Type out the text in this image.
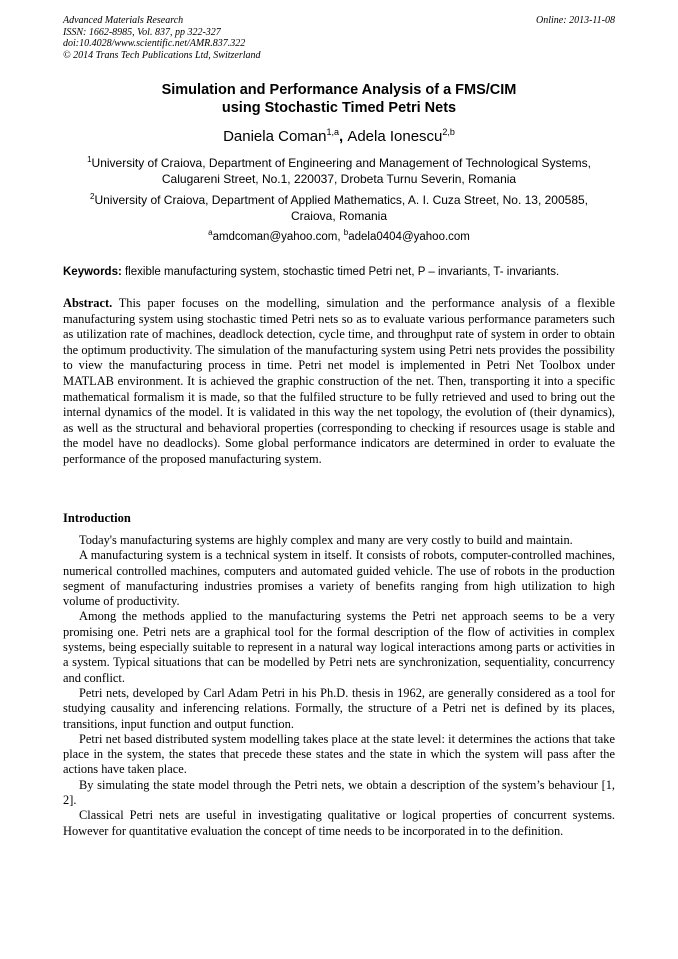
Advanced Materials Research
ISSN: 1662-8985, Vol. 837, pp 322-327
doi:10.4028/www.scientific.net/AMR.837.322
© 2014 Trans Tech Publications Ltd, Switzerland
Online: 2013-11-08
Simulation and Performance Analysis of a FMS/CIM
using Stochastic Timed Petri Nets
Daniela Coman$^{1,a}$, Adela Ionescu$^{2,b}$
$^1$University of Craiova, Department of Engineering and Management of Technological Systems,
Calugareni Street, No.1, 220037, Drobeta Turnu Severin, Romania
$^2$University of Craiova, Department of Applied Mathematics, A. I. Cuza Street, No. 13, 200585,
Craiova, Romania
$^a$amdcoman@yahoo.com, $^b$adela0404@yahoo.com
Keywords: flexible manufacturing system, stochastic timed Petri net, P – invariants, T- invariants.
Abstract. This paper focuses on the modelling, simulation and the performance analysis of a flexible manufacturing system using stochastic timed Petri nets so as to evaluate various performance parameters such as utilization rate of machines, deadlock detection, cycle time, and throughput rate of system in order to obtain the optimum productivity. The simulation of the manufacturing system using Petri nets provides the possibility to view the manufacturing process in time. Petri net model is implemented in Petri Net Toolbox under MATLAB environment. It is achieved the graphic construction of the net. Then, transporting it into a specific mathematical formalism it is made, so that the fulfiled structure to be fully retrieved and used to bring out the internal dynamics of the model. It is validated in this way the net topology, the evolution of (their dynamics), as well as the structural and behavioral properties (corresponding to checking if resources usage is stable and the model have no deadlocks). Some global performance indicators are determined in order to evaluate the performance of the proposed manufacturing system.
Introduction

Today's manufacturing systems are highly complex and many are very costly to build and maintain.

A manufacturing system is a technical system in itself. It consists of robots, computer-controlled machines, numerical controlled machines, computers and automated guided vehicle. The use of robots in the production segment of manufacturing industries promises a variety of benefits ranging from high utilization to high volume of productivity.

Among the methods applied to the manufacturing systems the Petri net approach seems to be a very promising one. Petri nets are a graphical tool for the formal description of the flow of activities in complex systems, being especially suitable to represent in a natural way logical interactions among parts or activities in a system. Typical situations that can be modelled by Petri nets are synchronization, sequentiality, concurrency and conflict.

Petri nets, developed by Carl Adam Petri in his Ph.D. thesis in 1962, are generally considered as a tool for studying causality and inferencing relations. Formally, the structure of a Petri net is defined by its places, transitions, input function and output function.

Petri net based distributed system modelling takes place at the state level: it determines the actions that take place in the system, the states that precede these states and the state in which the system will pass after the actions have taken place.

By simulating the state model through the Petri nets, we obtain a description of the system’s behaviour [1, 2].

Classical Petri nets are useful in investigating qualitative or logical properties of concurrent systems. However for quantitative evaluation the concept of time needs to be incorporated in to the definition.
